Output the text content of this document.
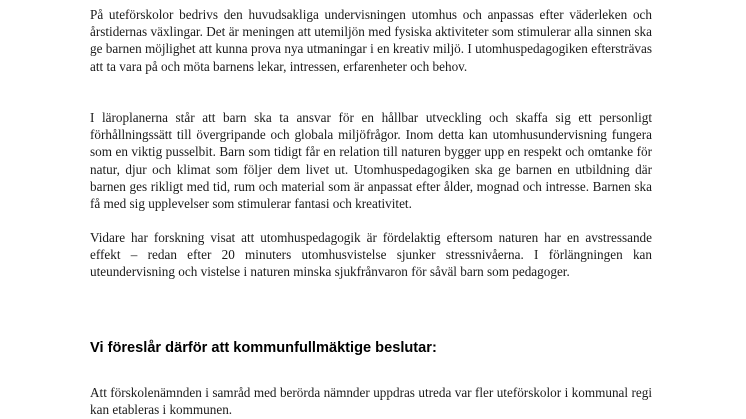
På uteförskolor bedrivs den huvudsakliga undervisningen utomhus och anpassas efter väderleken och årstidernas växlingar. Det är meningen att utemiljön med fysiska aktiviteter som stimulerar alla sinnen ska ge barnen möjlighet att kunna prova nya utmaningar i en kreativ miljö. I utomhuspedagogiken eftersträvas att ta vara på och möta barnens lekar, intressen, erfarenheter och behov.

I läroplanerna står att barn ska ta ansvar för en hållbar utveckling och skaffa sig ett personligt förhållningssätt till övergripande och globala miljöfrågor. Inom detta kan utomhusundervisning fungera som en viktig pusselbit. Barn som tidigt får en relation till naturen bygger upp en respekt och omtanke för natur, djur och klimat som följer dem livet ut. Utomhuspedagogiken ska ge barnen en utbildning där barnen ges rikligt med tid, rum och material som är anpassat efter ålder, mognad och intresse. Barnen ska få med sig upplevelser som stimulerar fantasi och kreativitet.

Vidare har forskning visat att utomhuspedagogik är fördelaktig eftersom naturen har en avstressande effekt – redan efter 20 minuters utomhusvistelse sjunker stressnivåerna. I förlängningen kan uteundervisning och vistelse i naturen minska sjukfrånvaron för såväl barn som pedagoger.

Vi föreslår därför att kommunfullmäktige beslutar:

Att förskolenämnden i samråd med berörda nämnder uppdras utreda var fler uteförskolor i kommunal regi kan etableras i kommunen.
